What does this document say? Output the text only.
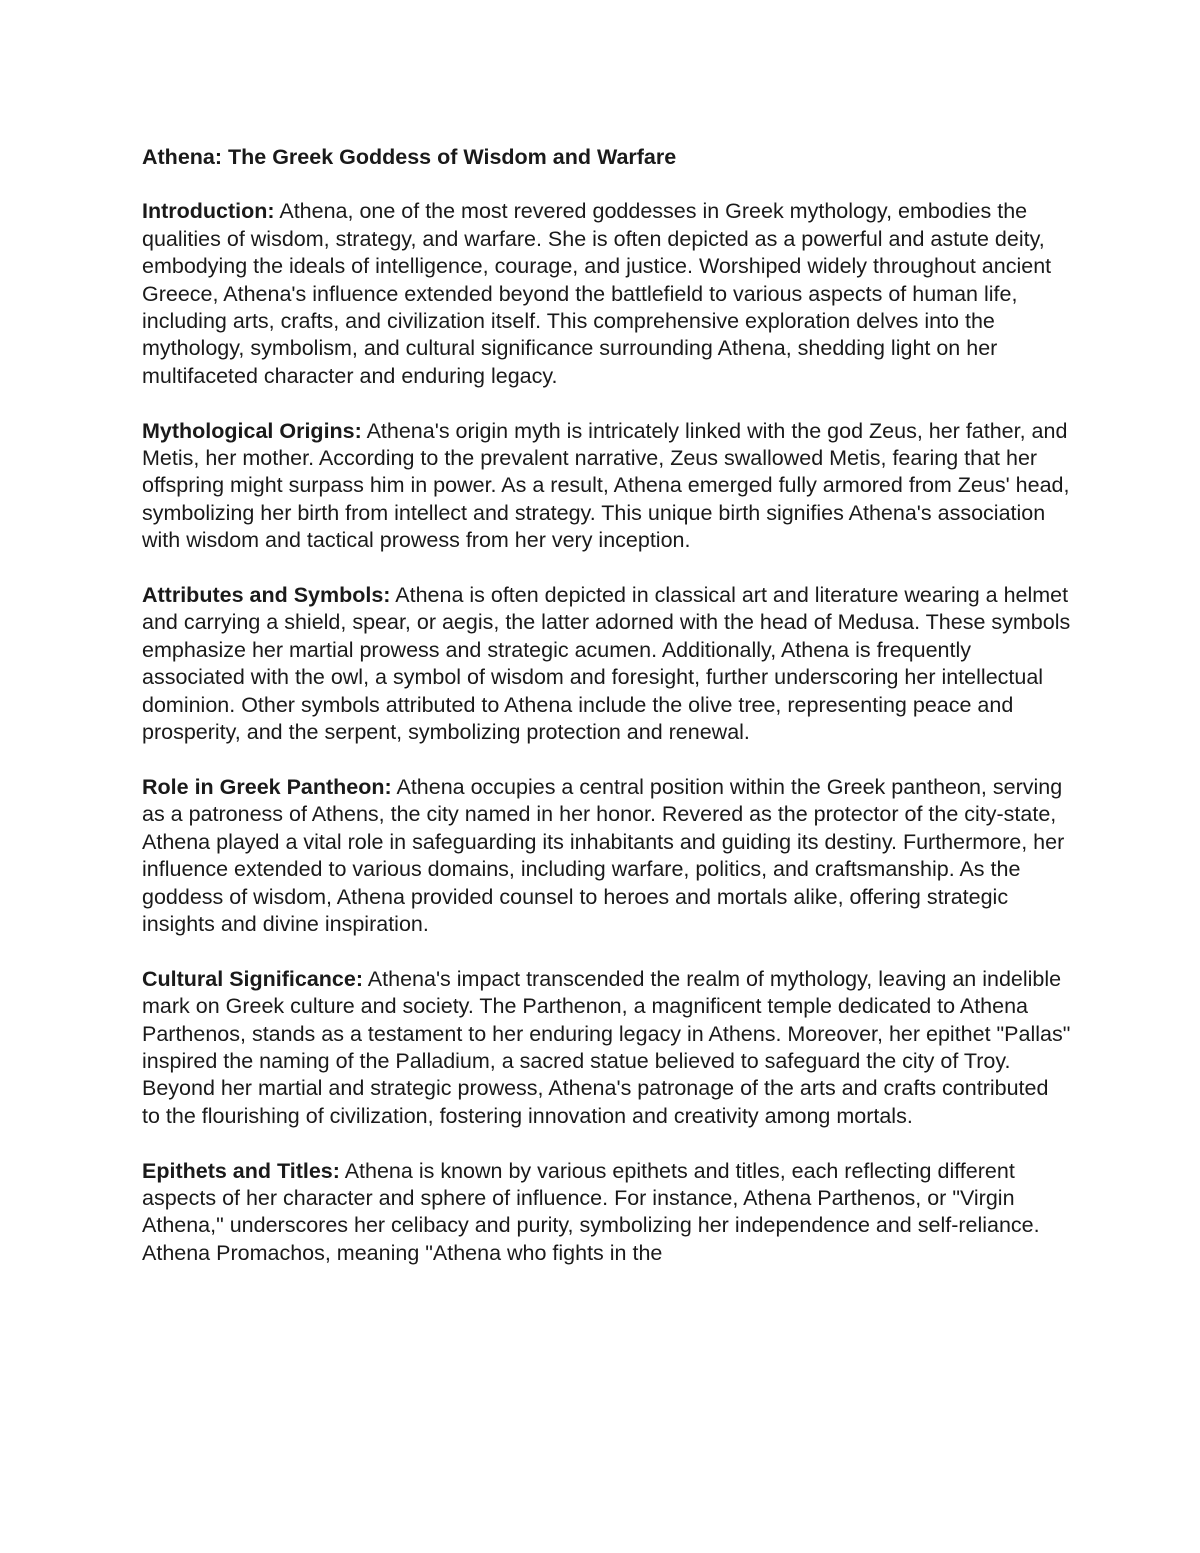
Athena: The Greek Goddess of Wisdom and Warfare

Introduction: Athena, one of the most revered goddesses in Greek mythology, embodies the qualities of wisdom, strategy, and warfare. She is often depicted as a powerful and astute deity, embodying the ideals of intelligence, courage, and justice. Worshiped widely throughout ancient Greece, Athena's influence extended beyond the battlefield to various aspects of human life, including arts, crafts, and civilization itself. This comprehensive exploration delves into the mythology, symbolism, and cultural significance surrounding Athena, shedding light on her multifaceted character and enduring legacy.

Mythological Origins: Athena's origin myth is intricately linked with the god Zeus, her father, and Metis, her mother. According to the prevalent narrative, Zeus swallowed Metis, fearing that her offspring might surpass him in power. As a result, Athena emerged fully armored from Zeus' head, symbolizing her birth from intellect and strategy. This unique birth signifies Athena's association with wisdom and tactical prowess from her very inception.

Attributes and Symbols: Athena is often depicted in classical art and literature wearing a helmet and carrying a shield, spear, or aegis, the latter adorned with the head of Medusa. These symbols emphasize her martial prowess and strategic acumen. Additionally, Athena is frequently associated with the owl, a symbol of wisdom and foresight, further underscoring her intellectual dominion. Other symbols attributed to Athena include the olive tree, representing peace and prosperity, and the serpent, symbolizing protection and renewal.

Role in Greek Pantheon: Athena occupies a central position within the Greek pantheon, serving as a patroness of Athens, the city named in her honor. Revered as the protector of the city-state, Athena played a vital role in safeguarding its inhabitants and guiding its destiny. Furthermore, her influence extended to various domains, including warfare, politics, and craftsmanship. As the goddess of wisdom, Athena provided counsel to heroes and mortals alike, offering strategic insights and divine inspiration.

Cultural Significance: Athena's impact transcended the realm of mythology, leaving an indelible mark on Greek culture and society. The Parthenon, a magnificent temple dedicated to Athena Parthenos, stands as a testament to her enduring legacy in Athens. Moreover, her epithet "Pallas" inspired the naming of the Palladium, a sacred statue believed to safeguard the city of Troy. Beyond her martial and strategic prowess, Athena's patronage of the arts and crafts contributed to the flourishing of civilization, fostering innovation and creativity among mortals.

Epithets and Titles: Athena is known by various epithets and titles, each reflecting different aspects of her character and sphere of influence. For instance, Athena Parthenos, or "Virgin Athena," underscores her celibacy and purity, symbolizing her independence and self-reliance. Athena Promachos, meaning "Athena who fights in the
